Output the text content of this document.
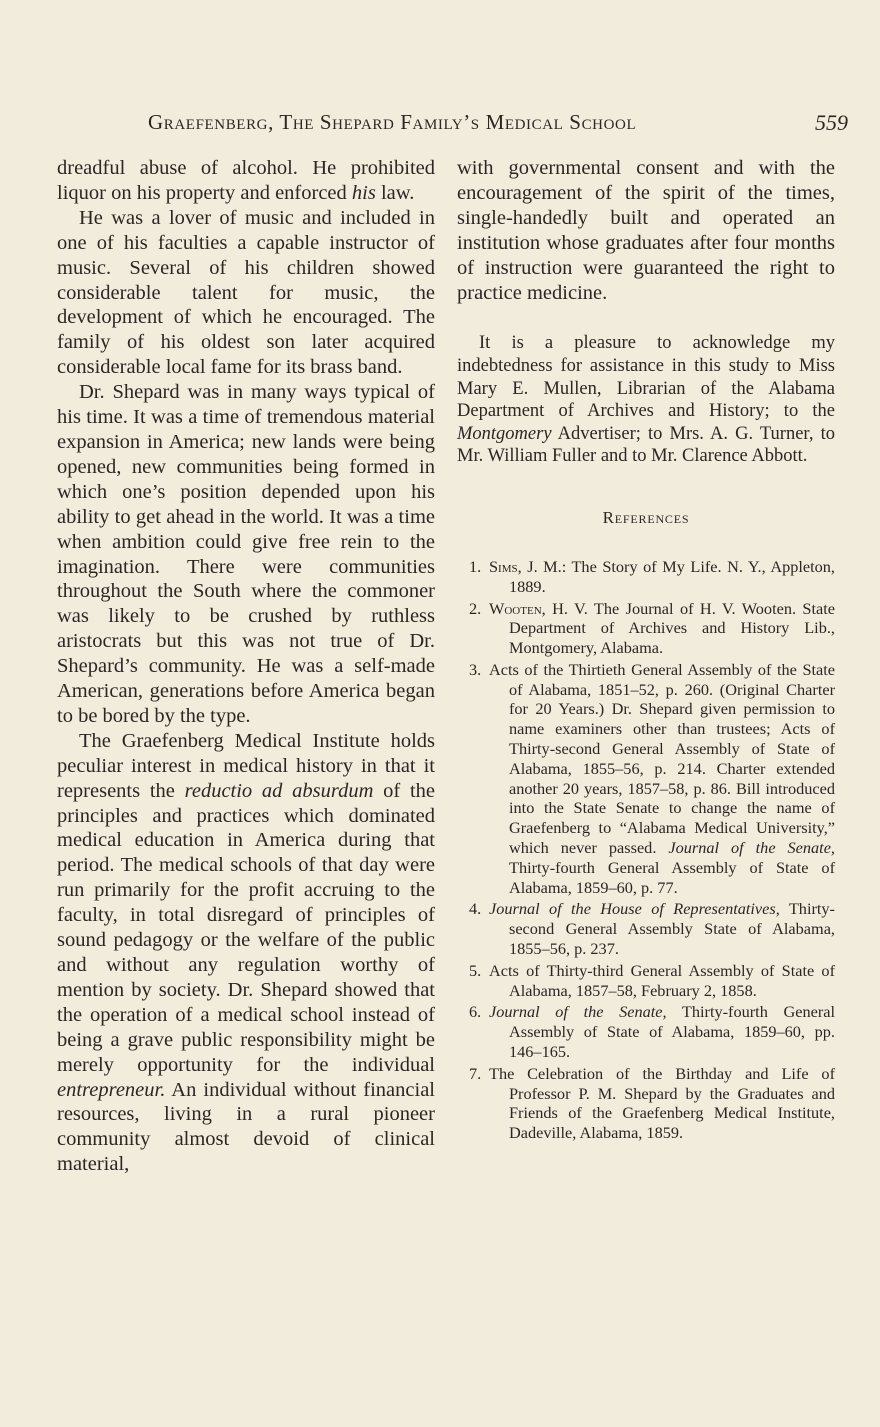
Graefenberg, The Shepard Family’s Medical School	559

dreadful abuse of alcohol. He prohibited liquor on his property and enforced his law.

He was a lover of music and included in one of his faculties a capable instructor of music. Several of his children showed considerable talent for music, the development of which he encouraged. The family of his oldest son later acquired considerable local fame for its brass band.

Dr. Shepard was in many ways typical of his time. It was a time of tremendous material expansion in America; new lands were being opened, new communities being formed in which one’s position depended upon his ability to get ahead in the world. It was a time when ambition could give free rein to the imagination. There were communities throughout the South where the commoner was likely to be crushed by ruthless aristocrats but this was not true of Dr. Shepard’s community. He was a self-made American, generations before America began to be bored by the type.

The Graefenberg Medical Institute holds peculiar interest in medical history in that it represents the reductio ad absurdum of the principles and practices which dominated medical education in America during that period. The medical schools of that day were run primarily for the profit accruing to the faculty, in total disregard of principles of sound pedagogy or the welfare of the public and without any regulation worthy of mention by society. Dr. Shepard showed that the operation of a medical school instead of being a grave public responsibility might be merely opportunity for the individual entrepreneur. An individual without financial resources, living in a rural pioneer community almost devoid of clinical material,

with governmental consent and with the encouragement of the spirit of the times, single-handedly built and operated an institution whose graduates after four months of instruction were guaranteed the right to practice medicine.

It is a pleasure to acknowledge my indebtedness for assistance in this study to Miss Mary E. Mullen, Librarian of the Alabama Department of Archives and History; to the Montgomery Advertiser; to Mrs. A. G. Turner, to Mr. William Fuller and to Mr. Clarence Abbott.

References
1. Sims, J. M.: The Story of My Life. N. Y., Appleton, 1889.
2. Wooten, H. V. The Journal of H. V. Wooten. State Department of Archives and History Lib., Montgomery, Alabama.
3. Acts of the Thirtieth General Assembly of the State of Alabama, 1851–52, p. 260. (Original Charter for 20 Years.) Dr. Shepard given permission to name examiners other than trustees; Acts of Thirty-second General Assembly of State of Alabama, 1855–56, p. 214. Charter extended another 20 years, 1857–58, p. 86. Bill introduced into the State Senate to change the name of Graefenberg to “Alabama Medical University,” which never passed. Journal of the Senate, Thirty-fourth General Assembly of State of Alabama, 1859–60, p. 77.
4. Journal of the House of Representatives, Thirty-second General Assembly State of Alabama, 1855–56, p. 237.
5. Acts of Thirty-third General Assembly of State of Alabama, 1857–58, February 2, 1858.
6. Journal of the Senate, Thirty-fourth General Assembly of State of Alabama, 1859–60, pp. 146–165.
7. The Celebration of the Birthday and Life of Professor P. M. Shepard by the Graduates and Friends of the Graefenberg Medical Institute, Dadeville, Alabama, 1859.
